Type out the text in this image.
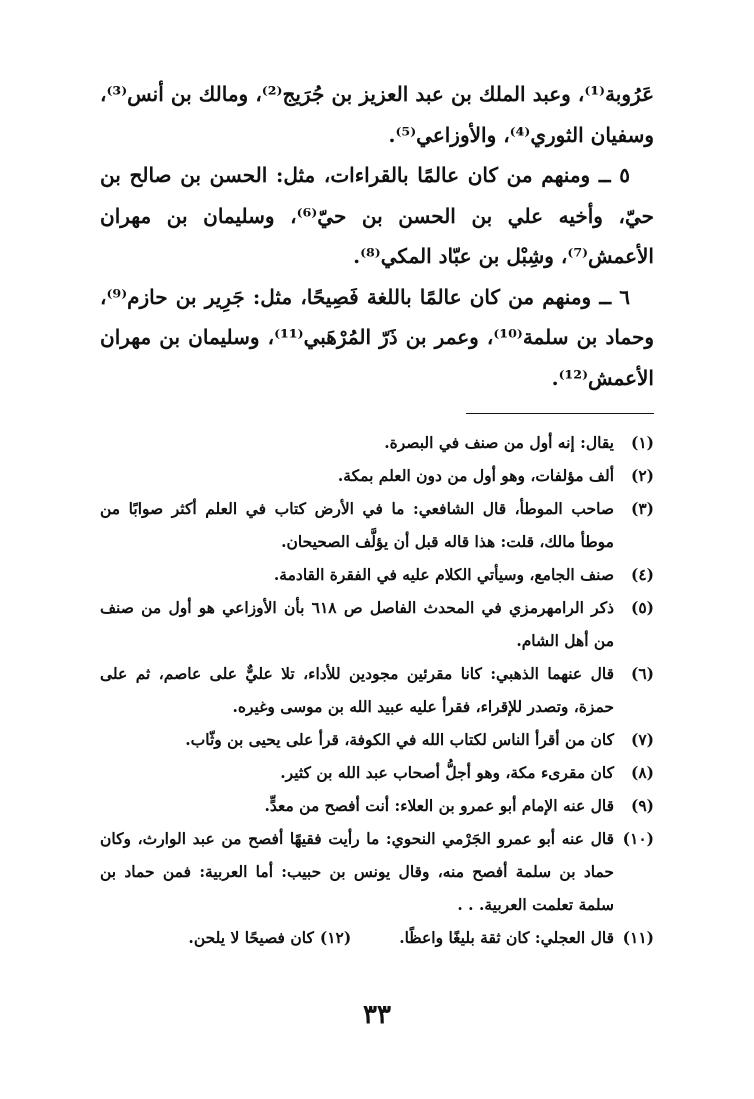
عَرُوبة⁽¹⁾، وعبد الملك بن عبد العزيز بن جُرَيج⁽²⁾، ومالك بن أنس⁽³⁾، وسفيان الثوري⁽⁴⁾، والأوزاعي⁽⁵⁾.

٥ ــ ومنهم من كان عالمًا بالقراءات، مثل: الحسن بن صالح بن حيّ، وأخيه علي بن الحسن بن حيّ⁽⁶⁾، وسليمان بن مهران الأعمش⁽⁷⁾، وشِبْل بن عبّاد المكي⁽⁸⁾.

٦ ــ ومنهم من كان عالمًا باللغة فَصِيحًا، مثل: جَرِير بن حازم⁽⁹⁾، وحماد بن سلمة⁽¹⁰⁾، وعمر بن ذَرّ المُرْهَبي⁽¹¹⁾، وسليمان بن مهران الأعمش⁽¹²⁾.

(١)
يقال: إنه أول من صنف في البصرة.
(٢)
ألف مؤلفات، وهو أول من دون العلم بمكة.
(٣)
صاحب الموطأ، قال الشافعي: ما في الأرض كتاب في العلم أكثر صوابًا من موطأ مالك، قلت: هذا قاله قبل أن يؤلَّف الصحيحان.
(٤)
صنف الجامع، وسيأتي الكلام عليه في الفقرة القادمة.
(٥)
ذكر الرامهرمزي في المحدث الفاصل ص ٦١٨ بأن الأوزاعي هو أول من صنف من أهل الشام.
(٦)
قال عنهما الذهبي: كانا مقرئين مجودين للأداء، تلا عليٌّ على عاصم، ثم على حمزة، وتصدر للإقراء، فقرأ عليه عبيد الله بن موسى وغيره.
(٧)
كان من أقرأ الناس لكتاب الله في الكوفة، قرأ على يحيى بن وثّاب.
(٨)
كان مقرىء مكة، وهو أجلُّ أصحاب عبد الله بن كثير.
(٩)
قال عنه الإمام أبو عمرو بن العلاء: أنت أفصح من معدٍّ.
(١٠)
قال عنه أبو عمرو الجَرْمي النحوي: ما رأيت فقيهًا أفصح من عبد الوارث، وكان حماد بن سلمة أفصح منه، وقال يونس بن حبيب: أما العربية: فمن حماد بن سلمة تعلمت العربية. . .
(١١)
قال العجلي: كان ثقة بليغًا واعظًا.
(١٢)
كان فصيحًا لا يلحن.
٣٣
